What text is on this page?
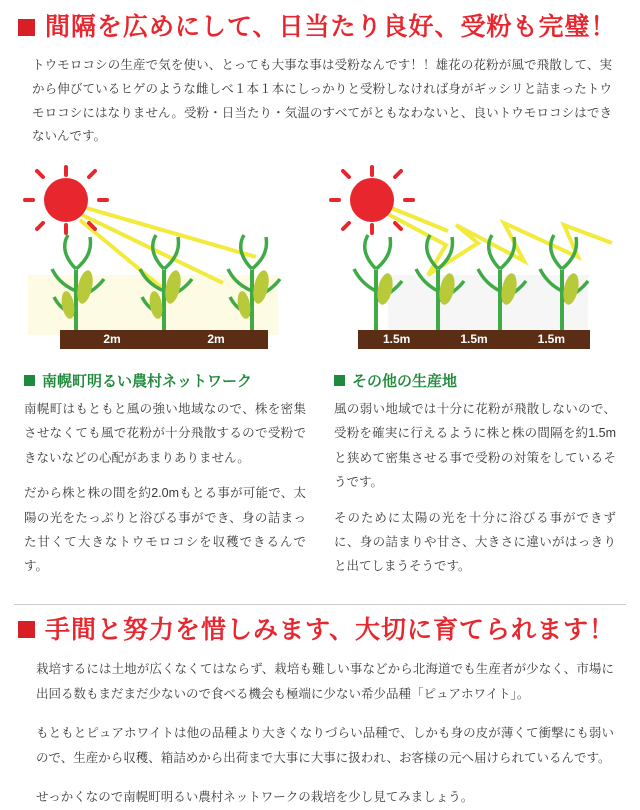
間隔を広めにして、日当たり良好、受粉も完璧！
トウモロコシの生産で気を使い、とっても大事な事は受粉なんです！！雄花の花粉が風で飛散して、実から伸びているヒゲのような雌しべ１本１本にしっかりと受粉しなければ身がギッシリと詰まったトウモロコシにはなりません。受粉・日当たり・気温のすべてがともなわないと、良いトウモロコシはできないんです。
2m	2m	1.5m	1.5m	1.5m
南幌町明るい農村ネットワーク
南幌町はもともと風の強い地域なので、株を密集させなくても風で花粉が十分飛散するので受粉できないなどの心配があまりありません。
だから株と株の間を約2.0mもとる事が可能で、太陽の光をたっぷりと浴びる事ができ、身の詰まった甘くて大きなトウモロコシを収穫できるんです。
その他の生産地
風の弱い地域では十分に花粉が飛散しないので、受粉を確実に行えるように株と株の間隔を約1.5mと狭めて密集させる事で受粉の対策をしているそうです。
そのために太陽の光を十分に浴びる事ができずに、身の詰まりや甘さ、大きさに違いがはっきりと出てしまうそうです。
手間と努力を惜しみます、大切に育てられます！

栽培するには土地が広くなくてはならず、栽培も難しい事などから北海道でも生産者が少なく、市場に出回る数もまだまだ少ないので食べる機会も極端に少ない希少品種「ピュアホワイト」。

もともとピュアホワイトは他の品種より大きくなりづらい品種で、しかも身の皮が薄くて衝撃にも弱いので、生産から収穫、箱詰めから出荷まで大事に大事に扱われ、お客様の元へ届けられているんです。

せっかくなので南幌町明るい農村ネットワークの栽培を少し見てみましょう。
